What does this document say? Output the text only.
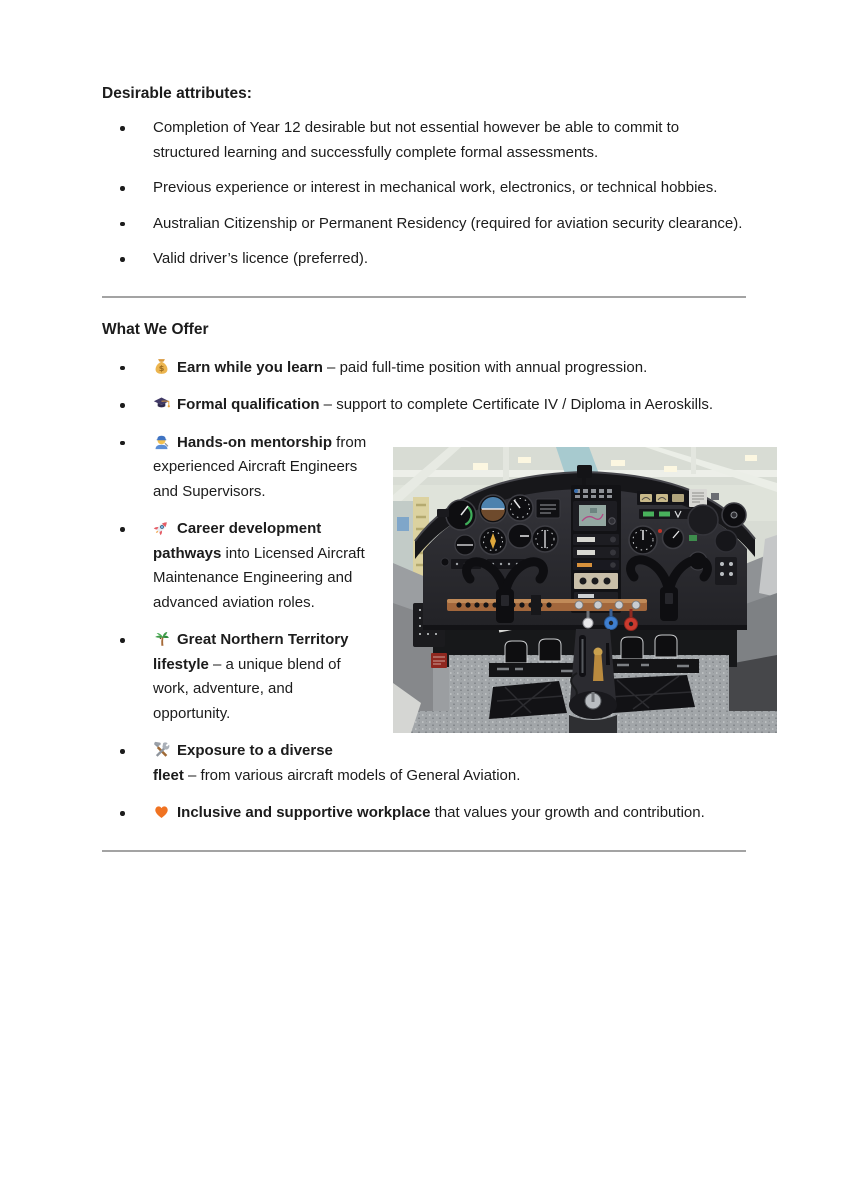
Desirable attributes:
Completion of Year 12 desirable but not essential however be able to commit to structured learning and successfully complete formal assessments.
Previous experience or interest in mechanical work, electronics, or technical hobbies.
Australian Citizenship or Permanent Residency (required for aviation security clearance).
Valid driver’s licence (preferred).
What We Offer
$ Earn while you learn – paid full-time position with annual progression.
Formal qualification – support to complete Certificate IV / Diploma in Aeroskills.
Hands-on mentorship from experienced Aircraft Engineers and Supervisors.
Career development pathways into Licensed Aircraft Maintenance Engineering and advanced aviation roles.
Great Northern Territory lifestyle – a unique blend of work, adventure, and opportunity.
Exposure to a diverse fleet – from various aircraft models of General Aviation.
Inclusive and supportive workplace that values your growth and contribution.
